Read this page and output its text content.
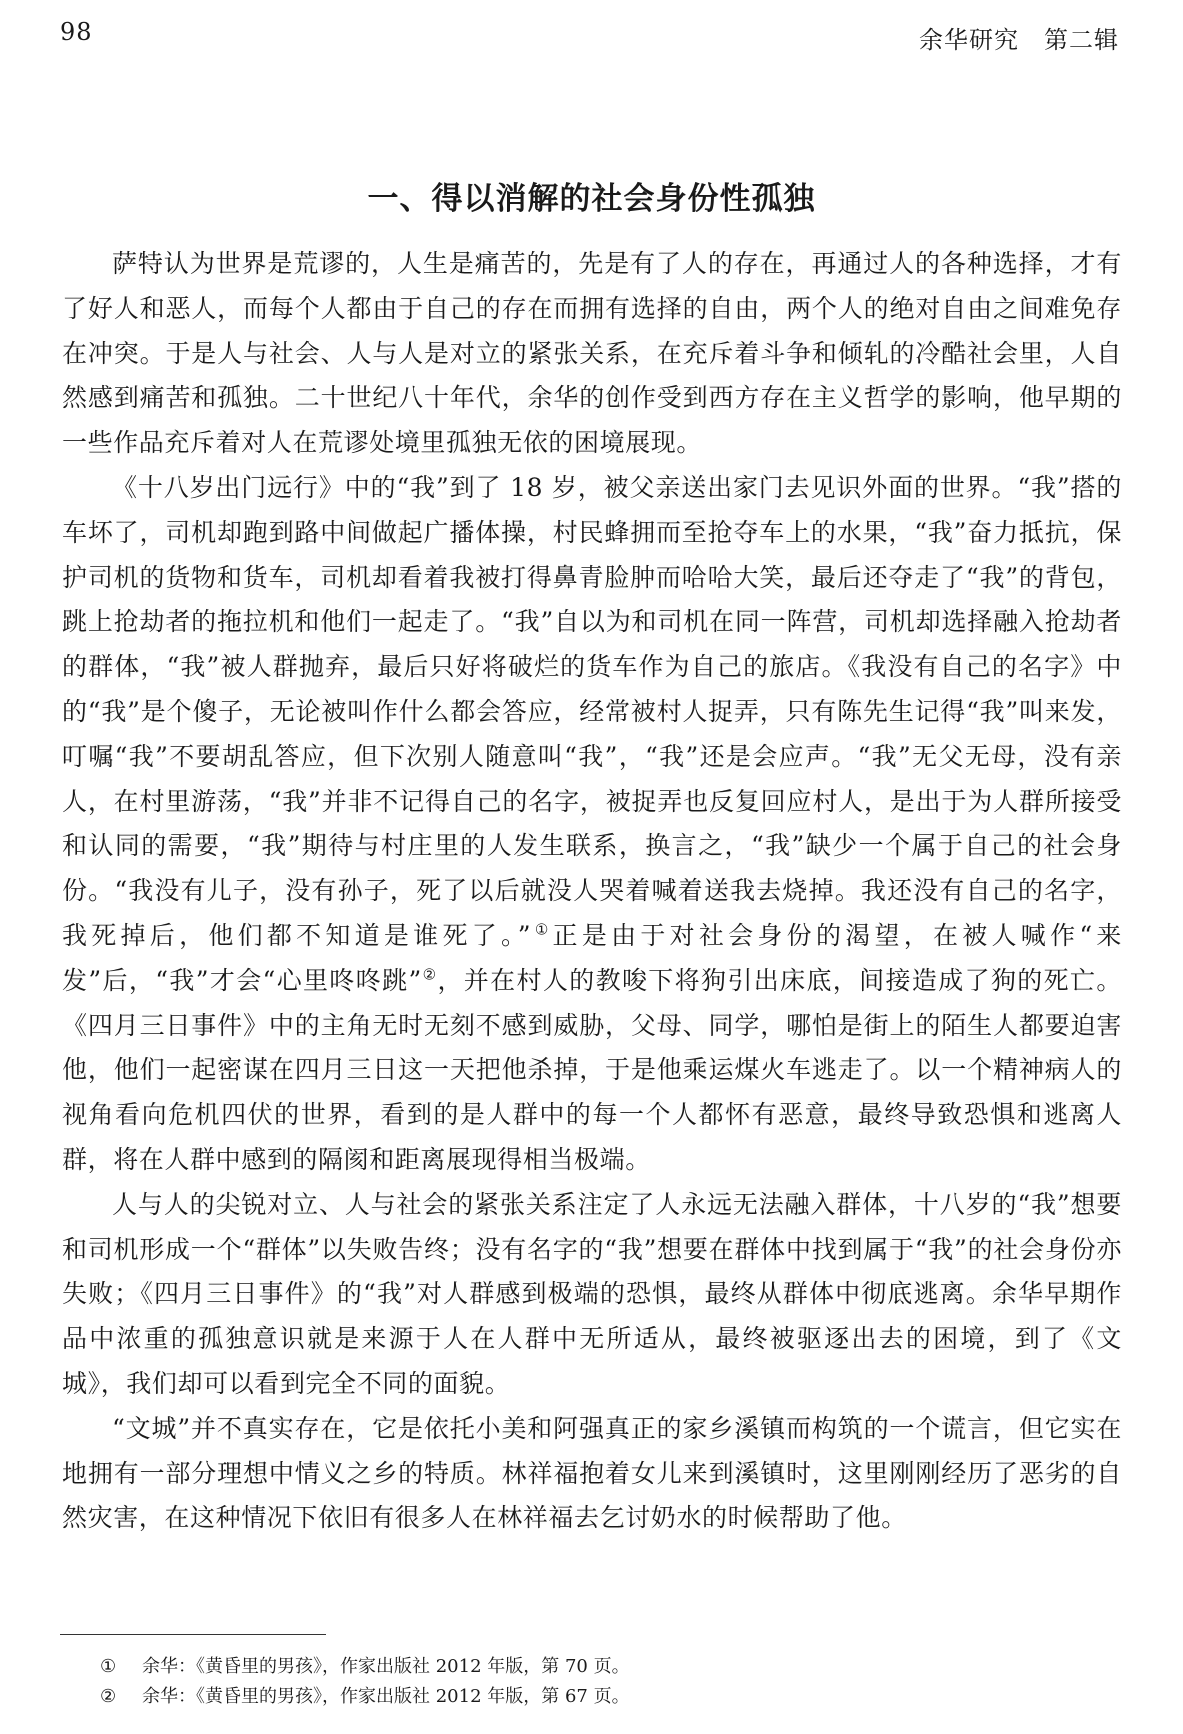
98	余华研究　第二辑
一、得以消解的社会身份性孤独

萨特认为世界是荒谬的，人生是痛苦的，先是有了人的存在，再通过人的各种选择，才有了好人和恶人，而每个人都由于自己的存在而拥有选择的自由，两个人的绝对自由之间难免存在冲突。于是人与社会、人与人是对立的紧张关系，在充斥着斗争和倾轧的冷酷社会里，人自然感到痛苦和孤独。二十世纪八十年代，余华的创作受到西方存在主义哲学的影响，他早期的一些作品充斥着对人在荒谬处境里孤独无依的困境展现。

《十八岁出门远行》中的“我”到了 18 岁，被父亲送出家门去见识外面的世界。“我”搭的车坏了，司机却跑到路中间做起广播体操，村民蜂拥而至抢夺车上的水果，“我”奋力抵抗，保护司机的货物和货车，司机却看着我被打得鼻青脸肿而哈哈大笑，最后还夺走了“我”的背包，跳上抢劫者的拖拉机和他们一起走了。“我”自以为和司机在同一阵营，司机却选择融入抢劫者的群体，“我”被人群抛弃，最后只好将破烂的货车作为自己的旅店。《我没有自己的名字》中的“我”是个傻子，无论被叫作什么都会答应，经常被村人捉弄，只有陈先生记得“我”叫来发，叮嘱“我”不要胡乱答应，但下次别人随意叫“我”，“我”还是会应声。“我”无父无母，没有亲人，在村里游荡，“我”并非不记得自己的名字，被捉弄也反复回应村人，是出于为人群所接受和认同的需要，“我”期待与村庄里的人发生联系，换言之，“我”缺少一个属于自己的社会身份。“我没有儿子，没有孙子，死了以后就没人哭着喊着送我去烧掉。我还没有自己的名字，我死掉后，他们都不知道是谁死了。”①正是由于对社会身份的渴望，在被人喊作“来发”后，“我”才会“心里咚咚跳”②，并在村人的教唆下将狗引出床底，间接造成了狗的死亡。《四月三日事件》中的主角无时无刻不感到威胁，父母、同学，哪怕是街上的陌生人都要迫害他，他们一起密谋在四月三日这一天把他杀掉，于是他乘运煤火车逃走了。以一个精神病人的视角看向危机四伏的世界，看到的是人群中的每一个人都怀有恶意，最终导致恐惧和逃离人群，将在人群中感到的隔阂和距离展现得相当极端。

人与人的尖锐对立、人与社会的紧张关系注定了人永远无法融入群体，十八岁的“我”想要和司机形成一个“群体”以失败告终；没有名字的“我”想要在群体中找到属于“我”的社会身份亦失败；《四月三日事件》的“我”对人群感到极端的恐惧，最终从群体中彻底逃离。余华早期作品中浓重的孤独意识就是来源于人在人群中无所适从，最终被驱逐出去的困境，到了《文城》，我们却可以看到完全不同的面貌。

“文城”并不真实存在，它是依托小美和阿强真正的家乡溪镇而构筑的一个谎言，但它实在地拥有一部分理想中情义之乡的特质。林祥福抱着女儿来到溪镇时，这里刚刚经历了恶劣的自然灾害，在这种情况下依旧有很多人在林祥福去乞讨奶水的时候帮助了他。

①	余华：《黄昏里的男孩》，作家出版社 2012 年版，第 70 页。
②	余华：《黄昏里的男孩》，作家出版社 2012 年版，第 67 页。
